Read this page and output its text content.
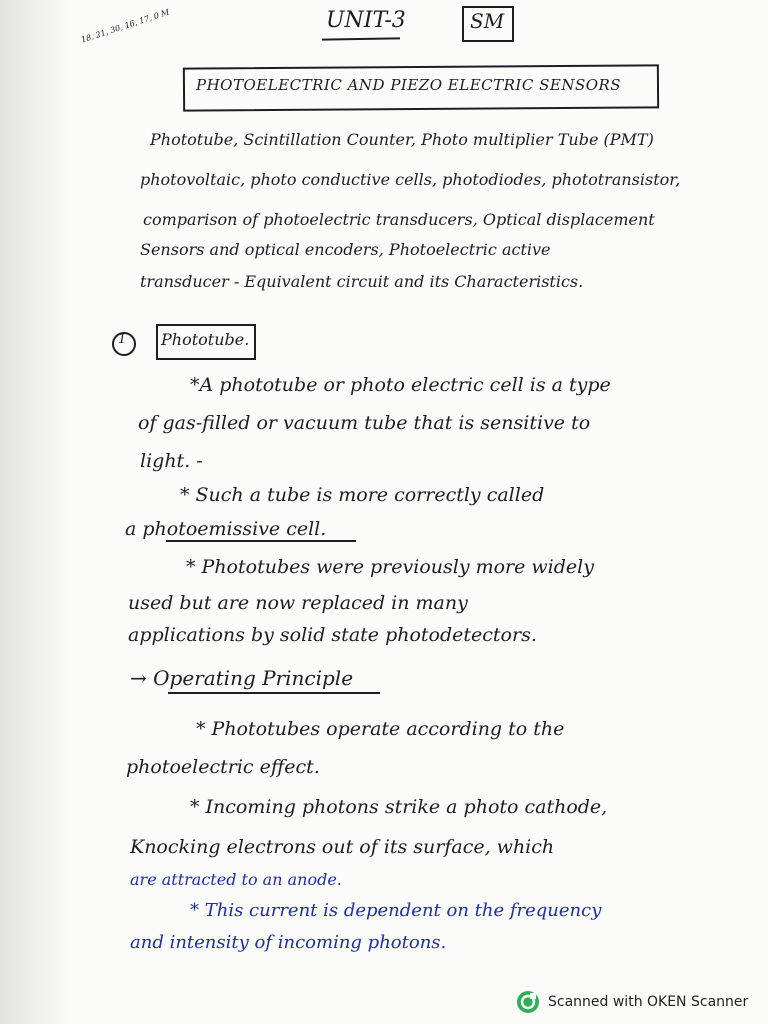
18, 21, 30, 16, 17, 0 M	UNIT-3	SM
PHOTOELECTRIC AND PIEZO ELECTRIC SENSORS
Phototube, Scintillation Counter, Photo multiplier Tube (PMT)
photovoltaic, photo conductive cells, photodiodes, phototransistor,
comparison of photoelectric transducers, Optical displacement
Sensors and optical encoders, Photoelectric active
transducer - Equivalent circuit and its Characteristics.
1 Phototube.
*A phototube or photo electric cell is a type
of gas-filled or vacuum tube that is sensitive to
light. -
* Such a tube is more correctly called
a photoemissive cell.
* Phototubes were previously more widely
used but are now replaced in many
applications by solid state photodetectors.
→ Operating Principle
* Phototubes operate according to the
photoelectric effect.
* Incoming photons strike a photo cathode,
Knocking electrons out of its surface, which
are attracted to an anode.
* This current is dependent on the frequency
and intensity of incoming photons.
Scanned with OKEN Scanner
